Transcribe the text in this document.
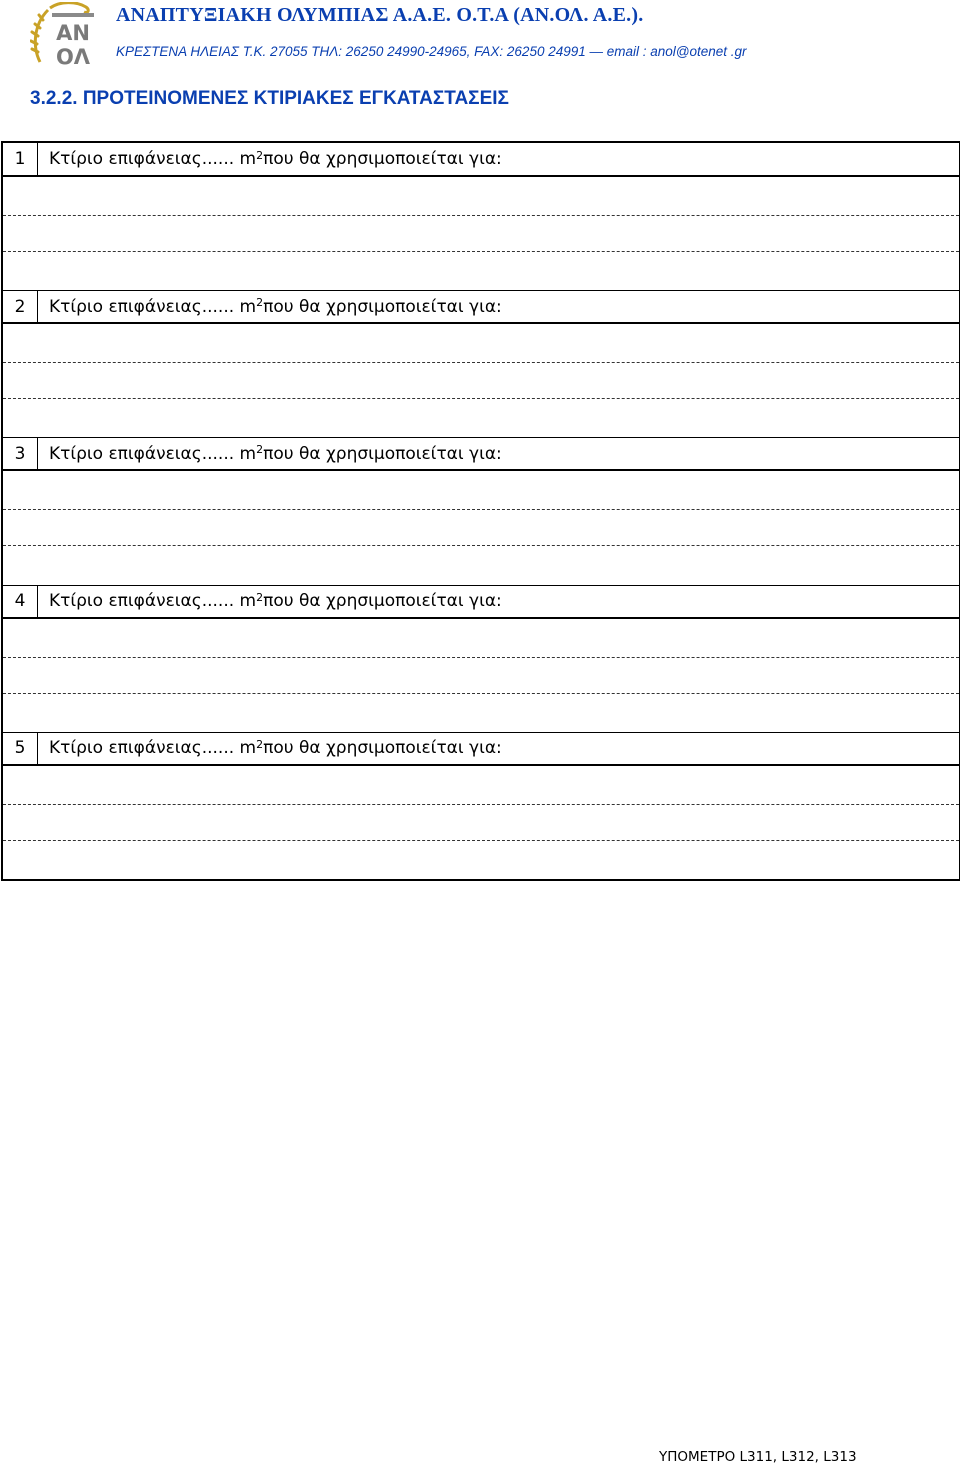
ΑΝ
ΟΛ
ΑΝΑΠΤΥΞΙΑΚΗ ΟΛΥΜΠΙΑΣ Α.Α.Ε. Ο.Τ.Α (ΑΝ.ΟΛ. Α.Ε.).
ΚΡΕΣΤΕΝΑ ΗΛΕΙΑΣ Τ.Κ. 27055 ΤΗΛ: 26250 24990-24965, FAX: 26250 24991 — email : anol@otenet .gr
3.2.2. ΠΡΟΤΕΙΝΟΜΕΝΕΣ ΚΤΙΡΙΑΚΕΣ ΕΓΚΑΤΑΣΤΑΣΕΙΣ
1	Κτίριο επιφάνειας...... $m^2$ που θα χρησιμοποιείται για:
2	Κτίριο επιφάνειας...... $m^2$ που θα χρησιμοποιείται για:
3	Κτίριο επιφάνειας...... $m^2$ που θα χρησιμοποιείται για:
4	Κτίριο επιφάνειας...... $m^2$ που θα χρησιμοποιείται για:
5	Κτίριο επιφάνειας...... $m^2$ που θα χρησιμοποιείται για:
ΥΠΟΜΕΤΡΟ L311, L312, L313
